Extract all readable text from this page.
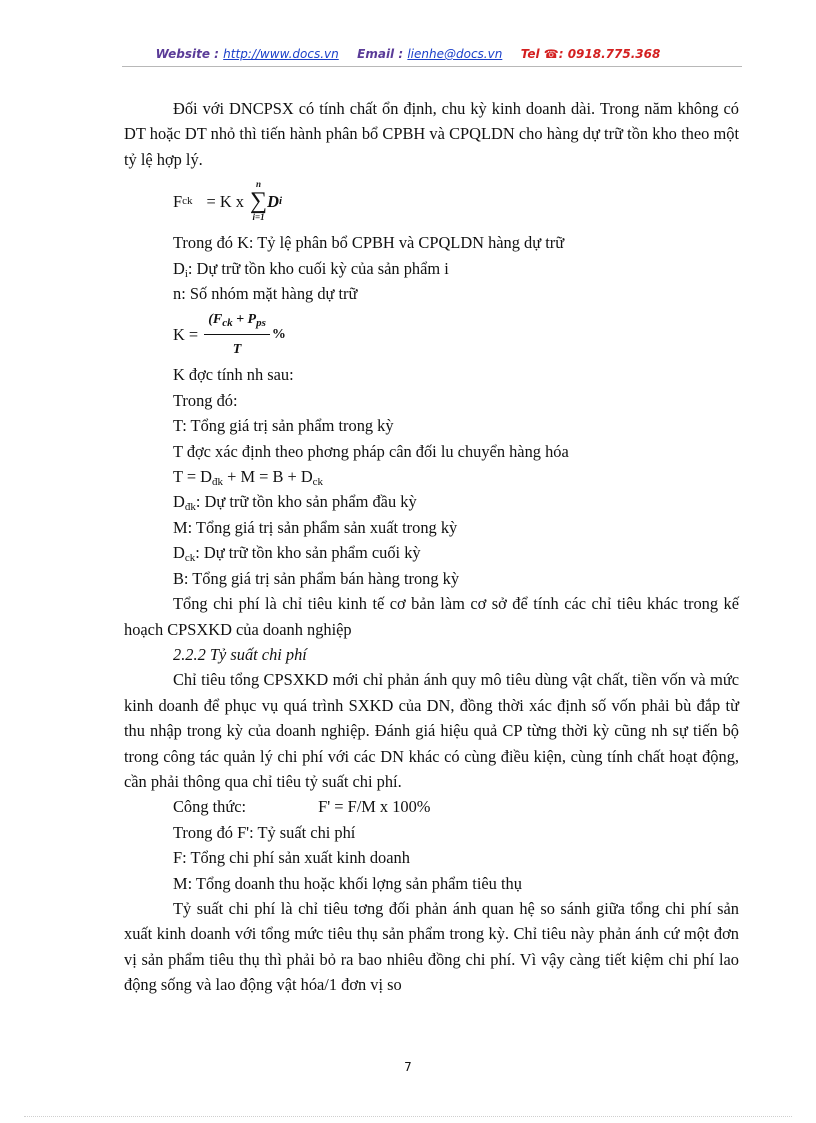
Website : http://www.docs.vn Email : lienhe@docs.vn Tel ☎: 0918.775.368

Đối với DNCPSX có tính chất ổn định, chu kỳ kinh doanh dài. Trong năm không có DT hoặc DT nhỏ thì tiến hành phân bổ CPBH và CPQLDN cho hàng dự trữ tồn kho theo một tỷ lệ hợp lý.

F ck = K x
n
∑
i=1
D i

Trong đó K: Tỷ lệ phân bổ CPBH và CPQLDN hàng dự trữ

$D_i$: Dự trữ tồn kho cuối kỳ của sản phẩm i

n: Số nhóm mặt hàng dự trữ

$K = \frac{(F_{ck} + P_{ps}}{T}$ %

K đợc tính nh sau:

Trong đó:

T: Tổng giá trị sản phẩm trong kỳ

T đợc xác định theo phơng pháp cân đối lu chuyển hàng hóa

$T = D_{đk} + M = B + D_{ck}$

$D_{đk}$: Dự trữ tồn kho sản phẩm đầu kỳ

M: Tổng giá trị sản phẩm sản xuất trong kỳ

$D_{ck}$: Dự trữ tồn kho sản phẩm cuối kỳ

B: Tổng giá trị sản phẩm bán hàng trong kỳ

Tổng chi phí là chỉ tiêu kinh tế cơ bản làm cơ sở để tính các chỉ tiêu khác trong kế hoạch CPSXKD của doanh nghiệp

2.2.2 Tỷ suất chi phí

Chỉ tiêu tổng CPSXKD mới chỉ phản ánh quy mô tiêu dùng vật chất, tiền vốn và mức kinh doanh để phục vụ quá trình SXKD của DN, đồng thời xác định số vốn phải bù đắp từ thu nhập trong kỳ của doanh nghiệp. Đánh giá hiệu quả CP từng thời kỳ cũng nh sự tiến bộ trong công tác quản lý chi phí với các DN khác có cùng điều kiện, cùng tính chất hoạt động, cần phải thông qua chỉ tiêu tỷ suất chi phí.

Công thức:	F' = F/M x 100%

Trong đó F': Tỷ suất chi phí

F: Tổng chi phí sản xuất kinh doanh

M: Tổng doanh thu hoặc khối lợng sản phẩm tiêu thụ

Tỷ suất chi phí là chỉ tiêu tơng đối phản ánh quan hệ so sánh giữa tổng chi phí sản xuất kinh doanh với tổng mức tiêu thụ sản phẩm trong kỳ. Chỉ tiêu này phản ánh cứ một đơn vị sản phẩm tiêu thụ thì phải bỏ ra bao nhiêu đồng chi phí. Vì vậy càng tiết kiệm chi phí lao động sống và lao động vật hóa/1 đơn vị so

7
